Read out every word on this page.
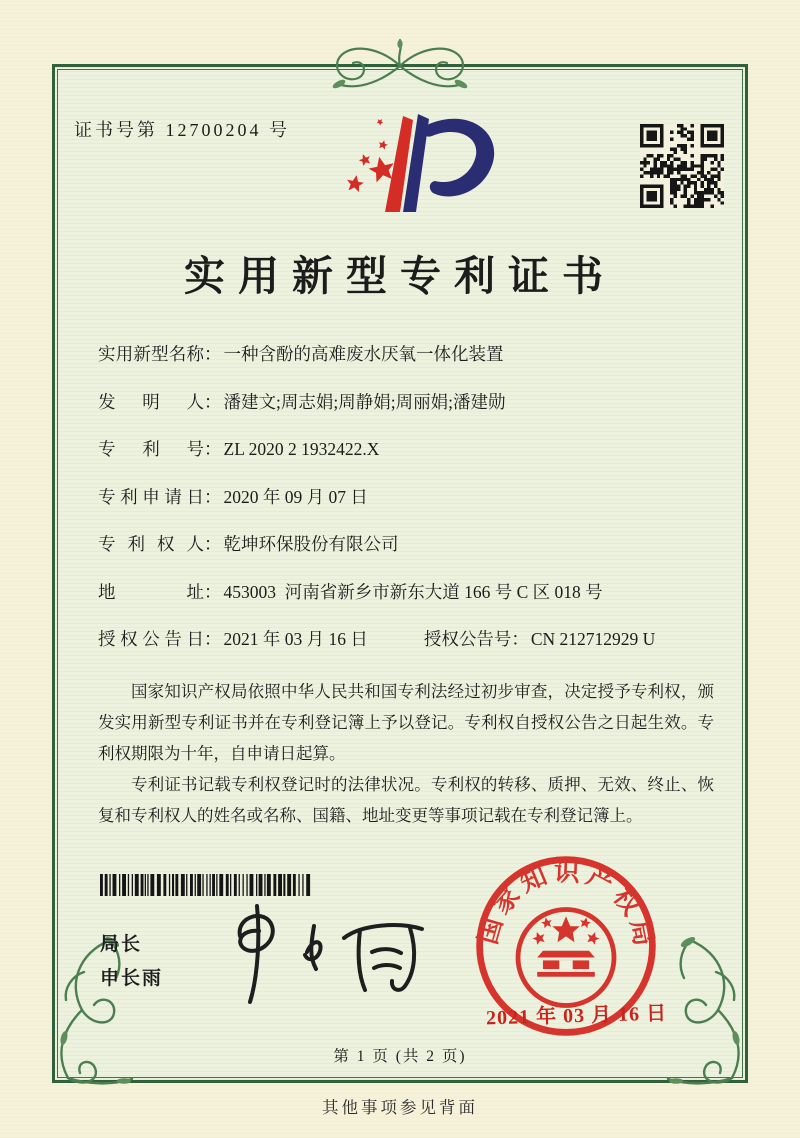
证书号第 12700204 号
实用新型专利证书
实用新型名称 ： 一种含酚的高难废水厌氧一体化装置
发明人 ： 潘建文;周志娟;周静娟;周丽娟;潘建勋
专利号 ： ZL 2020 2 1932422.X
专利申请日 ： 2020 年 09 月 07 日
专利权人 ： 乾坤环保股份有限公司
地址 ： 453003  河南省新乡市新东大道 166 号 C 区 018 号
授权公告日 ： 2021 年 03 月 16 日	授权公告号 ： CN 212712929 U

国家知识产权局依照中华人民共和国专利法经过初步审查，决定授予专利权，颁发实用新型专利证书并在专利登记簿上予以登记。专利权自授权公告之日起生效。专利权期限为十年，自申请日起算。

专利证书记载专利权登记时的法律状况。专利权的转移、质押、无效、终止、恢复和专利权人的姓名或名称、国籍、地址变更等事项记载在专利登记簿上。

局长
申长雨
国家知识产权局
2021 年 03 月 16 日
第 1 页 (共 2 页)
其他事项参见背面
